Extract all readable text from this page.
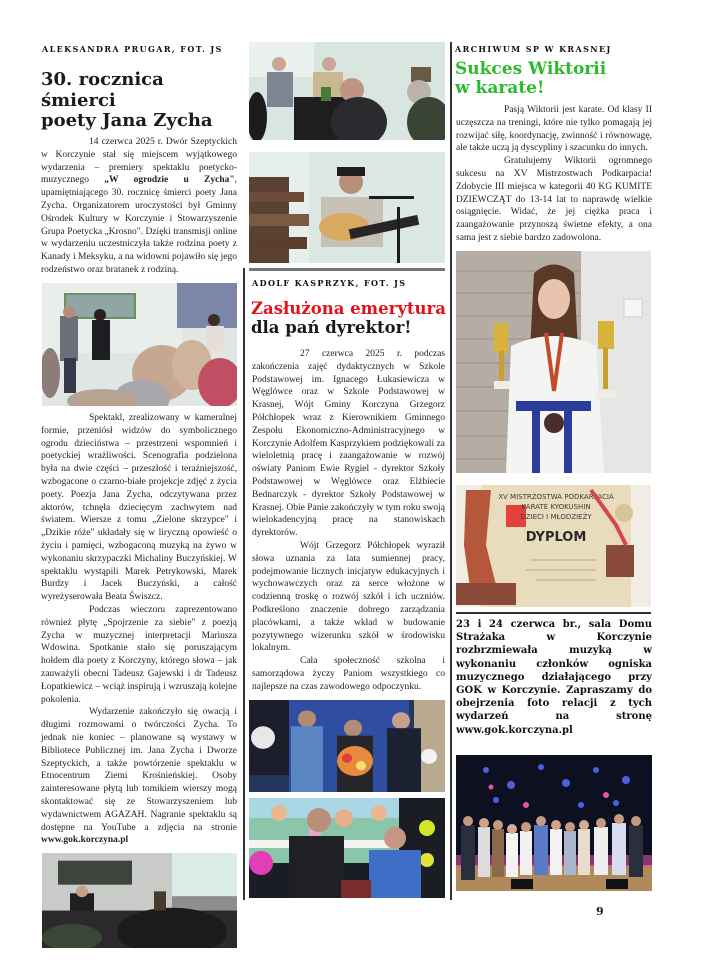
ALEKSANDRA PRUGAR, FOT. JS
30. rocznica śmierci
poety Jana Zycha

14 czerwca 2025 r. Dwór Szeptyckich w Korczynie stał się miejscem wyjątkowego wydarzenia – premiery spektaklu poetycko-muzycznego „W ogrodzie u Zycha", upamiętniającego 30. rocznicę śmierci poety Jana Zycha. Organizatorem uroczystości był Gminny Ośrodek Kultury w Korczynie i Stowarzyszenie Grupa Poetycka „Krosno". Dzięki transmisji online w wydarzeniu uczestniczyła także rodzina poety z Kanady i Meksyku, a na widowni pojawiło się jego rodzeństwo oraz bratanek z rodziną.

Spektakl, zrealizowany w kameralnej formie, przeniósł widzów do symbolicznego ogrodu dzieciństwa – przestrzeni wspomnień i poetyckiej wrażliwości. Scenografia podzielona była na dwie części – przeszłość i teraźniejszość, wzbogacone o czarno-białe projekcje zdjęć z życia poety. Poezja Jana Zycha, odczytywana przez aktorów, tchnęła dziecięcym zachwytem nad światem. Wiersze z tomu „Zielone skrzypce" i „Dzikie róże" układały się w liryczną opowieść o życiu i pamięci, wzbogaconą muzyką na żywo w wykonaniu skrzypaczki Michaliny Buczyńskiej. W spektaklu wystąpili Marek Petrykowski, Marek Burdzy i Jacek Buczyński, a całość wyreżyserowała Beata Świszcz.

Podczas wieczoru zaprezentowano również płytę „Spojrzenie za siebie" z poezją Zycha w muzycznej interpretacji Mariusza Wdowina. Spotkanie stało się poruszającym hołdem dla poety z Korczyny, którego słowa – jak zauważyli obecni Tadeusz Gajewski i dr Tadeusz Łopatkiewicz – wciąż inspirują i wzruszają kolejne pokolenia.

Wydarzenie zakończyło się owacją i długimi rozmowami o twórczości Zycha. To jednak nie koniec – planowane są wystawy w Bibliotece Publicznej im. Jana Zycha i Dworze Szeptyckich, a także powtórzenie spektaklu w Etnocentrum Ziemi Krośnieńskiej. Osoby zainteresowane płytą lub tomikiem wierszy mogą skontaktować się ze Stowarzyszeniem lub wydawnictwem AGAZAH. Nagranie spektaklu są dostępne na YouTube a zdjęcia na stronie www.gok.korczyna.pl

ADOLF KASPRZYK, FOT. JS
Zasłużona emerytura
dla pań dyrektor!

27 czerwca 2025 r. podczas zakończenia zajęć dydaktycznych w Szkole Podstawowej im. Ignacego Łukasiewicza w Węglówce oraz w Szkole Podstawowej w Krasnej, Wójt Gminy Korczyna Grzegorz Półchłopek wraz z Kierownikiem Gminnego Zespołu Ekonomiczno-Administracyjnego w Korczynie Adolfem Kasprzykiem podziękowali za wieloletnią pracę i zaangażowanie w rozwój oświaty Paniom Ewie Rygiel - dyrektor Szkoły Podstawowej w Węglówce oraz Elżbiecie Bednarczyk - dyrektor Szkoły Podstawowej w Krasnej. Obie Panie zakończyły w tym roku swoją wielokadencyjną pracę na stanowiskach dyrektorów.

Wójt Grzegorz Półchłopek wyraził słowa uznania za lata sumiennej pracy, podejmowanie licznych inicjatyw edukacyjnych i wychowawczych oraz za serce włożone w codzienną troskę o rozwój szkół i ich uczniów. Podkreślono znaczenie dobrego zarządzania placówkami, a także wkład w budowanie pozytywnego wizerunku szkół w środowisku lokalnym.

Cała społeczność szkolna i samorządowa życzy Paniom wszystkiego co najlepsze na czas zawodowego odpoczynku.

ARCHIWUM SP W KRASNEJ
Sukces Wiktorii
w karate!

Pasją Wiktorii jest karate. Od klasy II uczęszcza na treningi, które nie tylko pomagają jej rozwijać siłę, koordynację, zwinność i równowagę, ale także uczą ją dyscypliny i szacunku do innych.

Gratulujemy Wiktorii ogromnego sukcesu na XV Mistrzostwach Podkarpacia! Zdobycie III miejsca w kategorii 40 KG KUMITE DZIEWCZĄT do 13-14 lat to naprawdę wielkie osiągnięcie. Widać, że jej ciężka praca i zaangażowanie przynoszą świetne efekty, a ona sama jest z siebie bardzo zadowolona.

XV MISTRZOSTWA PODKARPACIA
KARATE KYOKUSHIN
DZIECI I MŁODZIEŻY
DYPLOM
23 i 24 czerwca br., sala Domu Strażaka w Korczynie rozbrzmiewała muzyką w wykonaniu członków ogniska muzycznego działającego przy GOK w Korczynie. Zapraszamy do obejrzenia foto relacji z tych wydarzeń na stronę www.gok.korczyna.pl
9
